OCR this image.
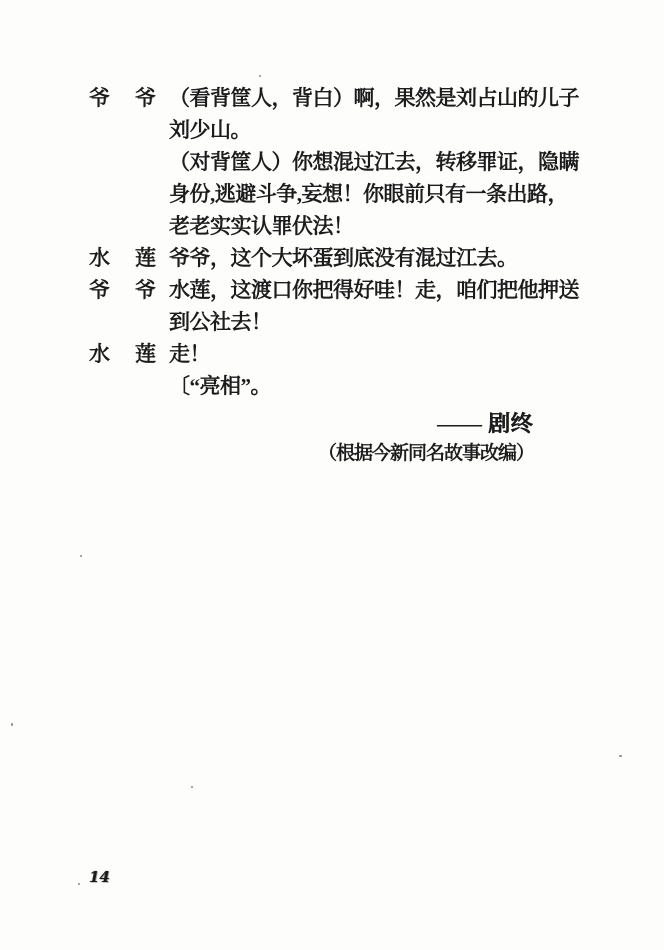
爷 爷 （看背筐人，背白）啊，果然是刘占山的儿子
刘少山。
（对背筐人）你想混过江去，转移罪证，隐瞒
身份,逃避斗争,妄想！你眼前只有一条出路，
老老实实认罪伏法！
水 莲 爷爷，这个大坏蛋到底没有混过江去。
爷 爷 水莲，这渡口你把得好哇！走，咱们把他押送
到公社去！
水 莲 走！
〔“亮相”。
—— 剧终
（根据今新同名故事改编）
14
